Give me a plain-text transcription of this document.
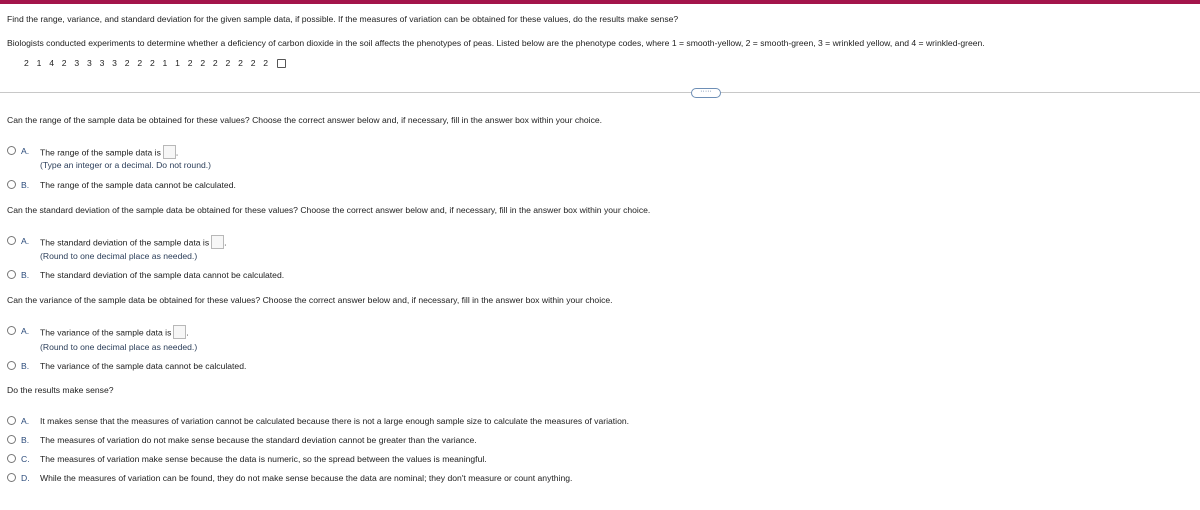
Find the range, variance, and standard deviation for the given sample data, if possible. If the measures of variation can be obtained for these values, do the results make sense?
Biologists conducted experiments to determine whether a deficiency of carbon dioxide in the soil affects the phenotypes of peas. Listed below are the phenotype codes, where 1 = smooth-yellow, 2 = smooth-green, 3 = wrinkled yellow, and 4 = wrinkled-green.
2 1 4 2 3 3 3 3 2 2 2 1 1 2 2 2 2 2 2 2
·····
Can the range of the sample data be obtained for these values? Choose the correct answer below and, if necessary, fill in the answer box within your choice.
A. The range of the sample data is .
(Type an integer or a decimal. Do not round.)
B. The range of the sample data cannot be calculated.
Can the standard deviation of the sample data be obtained for these values? Choose the correct answer below and, if necessary, fill in the answer box within your choice.
A. The standard deviation of the sample data is .
(Round to one decimal place as needed.)
B. The standard deviation of the sample data cannot be calculated.
Can the variance of the sample data be obtained for these values? Choose the correct answer below and, if necessary, fill in the answer box within your choice.
A. The variance of the sample data is .
(Round to one decimal place as needed.)
B. The variance of the sample data cannot be calculated.
Do the results make sense?
A. It makes sense that the measures of variation cannot be calculated because there is not a large enough sample size to calculate the measures of variation.
B. The measures of variation do not make sense because the standard deviation cannot be greater than the variance.
C. The measures of variation make sense because the data is numeric, so the spread between the values is meaningful.
D. While the measures of variation can be found, they do not make sense because the data are nominal; they don't measure or count anything.
